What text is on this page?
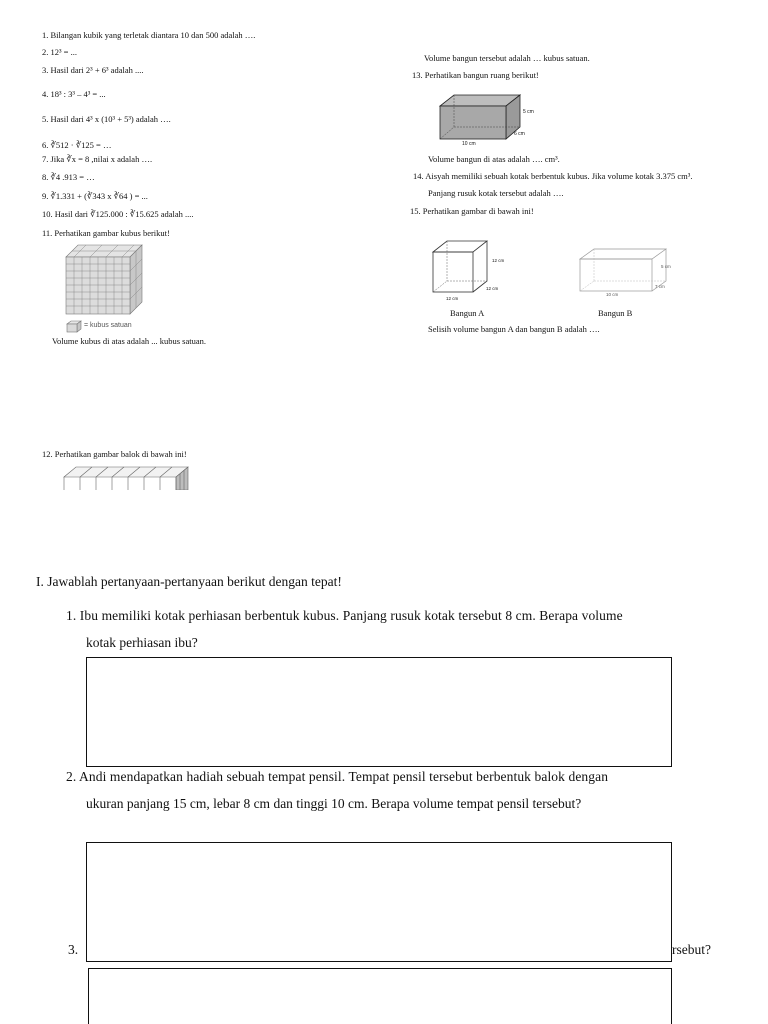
1. Bilangan kubik yang terletak diantara 10 dan 500 adalah ….
2. 12³ = ...
3. Hasil dari 2³ + 6³ adalah ....
4. 18³ : 3³ – 4³ = ...
5. Hasil dari 4³ x (10³ + 5³) adalah ….
6. ∛512 · ∛125 = …
7. Jika ∛x = 8 ,nilai x adalah ….
8. ∛4 .913 = …
9. ∛1.331 + (∛343 x ∛64 ) = ...
10. Hasil dari ∛125.000 : ∛15.625 adalah ....
11. Perhatikan gambar kubus berikut!
= kubus satuan
Volume kubus di atas adalah ... kubus satuan.
12. Perhatikan gambar balok di bawah ini!
Volume bangun tersebut adalah … kubus satuan.
13. Perhatikan bangun ruang berikut!
5 cm
6 cm
10 cm
Volume bangun di atas adalah …. cm³.
14. Aisyah memiliki sebuah kotak berbentuk kubus. Jika volume kotak 3.375 cm³.
Panjang rusuk kotak tersebut adalah ….
15. Perhatikan gambar di bawah ini!
12 cm
12 cm
12 cm
5 cm
7 cm
10 cm
Bangun A	Bangun B
Selisih volume bangun A dan bangun B adalah ….
I. Jawablah pertanyaan-pertanyaan berikut dengan tepat!
1. Ibu memiliki kotak perhiasan berbentuk kubus. Panjang rusuk kotak tersebut 8 cm. Berapa volume
kotak perhiasan ibu?
2. Andi mendapatkan hadiah sebuah tempat pensil. Tempat pensil tersebut berbentuk balok dengan
ukuran panjang 15 cm, lebar 8 cm dan tinggi 10 cm. Berapa volume tempat pensil tersebut?
3.	rsebut?
